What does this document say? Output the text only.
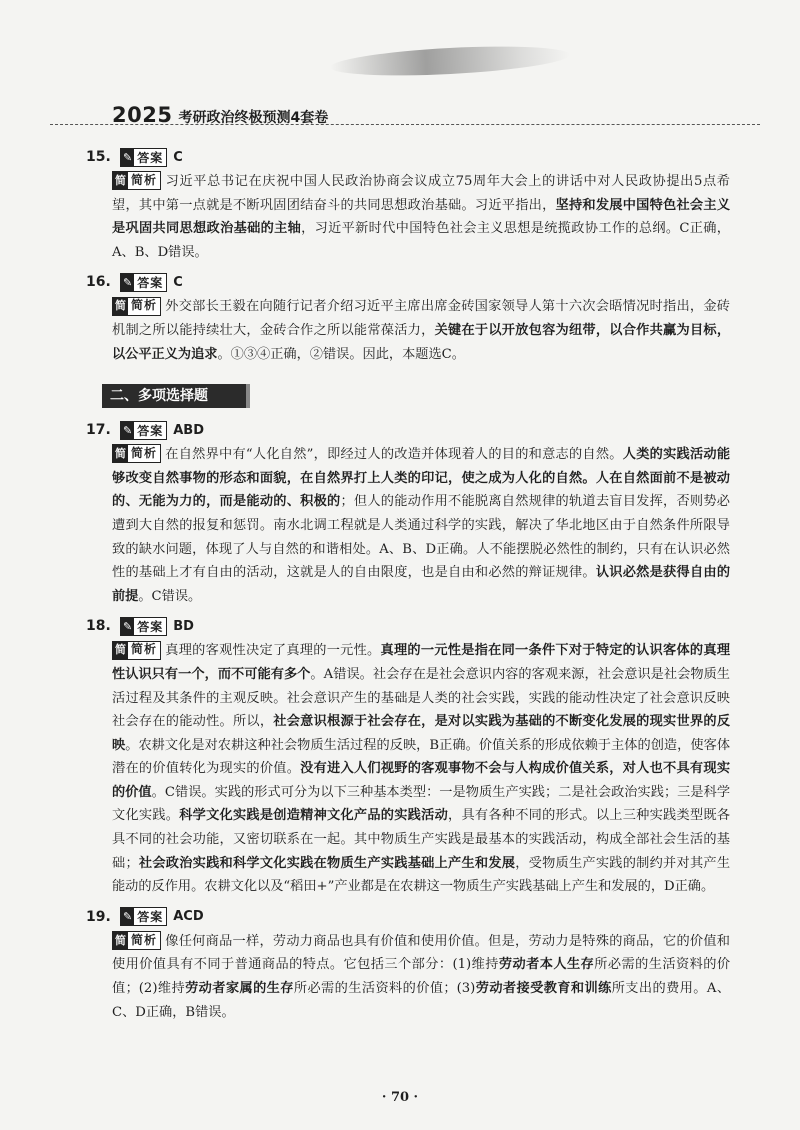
2025 考研政治终极预测4套卷
15. ✎ 答案 C
简 简析 习近平总书记在庆祝中国人民政治协商会议成立75周年大会上的讲话中对人民政协提出5点希望，其中第一点就是不断巩固团结奋斗的共同思想政治基础。习近平指出，坚持和发展中国特色社会主义是巩固共同思想政治基础的主轴，习近平新时代中国特色社会主义思想是统揽政协工作的总纲。C正确，A、B、D错误。
16. ✎ 答案 C
简 简析 外交部长王毅在向随行记者介绍习近平主席出席金砖国家领导人第十六次会晤情况时指出，金砖机制之所以能持续壮大，金砖合作之所以能常葆活力，关键在于以开放包容为纽带，以合作共赢为目标，以公平正义为追求。①③④正确，②错误。因此，本题选C。
二、多项选择题
17. ✎ 答案 ABD
简 简析 在自然界中有“人化自然”，即经过人的改造并体现着人的目的和意志的自然。人类的实践活动能够改变自然事物的形态和面貌，在自然界打上人类的印记，使之成为人化的自然。人在自然面前不是被动的、无能为力的，而是能动的、积极的；但人的能动作用不能脱离自然规律的轨道去盲目发挥，否则势必遭到大自然的报复和惩罚。南水北调工程就是人类通过科学的实践，解决了华北地区由于自然条件所限导致的缺水问题，体现了人与自然的和谐相处。A、B、D正确。人不能摆脱必然性的制约，只有在认识必然性的基础上才有自由的活动，这就是人的自由限度，也是自由和必然的辩证规律。认识必然是获得自由的前提。C错误。
18. ✎ 答案 BD
简 简析 真理的客观性决定了真理的一元性。真理的一元性是指在同一条件下对于特定的认识客体的真理性认识只有一个，而不可能有多个。A错误。社会存在是社会意识内容的客观来源，社会意识是社会物质生活过程及其条件的主观反映。社会意识产生的基础是人类的社会实践，实践的能动性决定了社会意识反映社会存在的能动性。所以，社会意识根源于社会存在，是对以实践为基础的不断变化发展的现实世界的反映。农耕文化是对农耕这种社会物质生活过程的反映，B正确。价值关系的形成依赖于主体的创造，使客体潜在的价值转化为现实的价值。没有进入人们视野的客观事物不会与人构成价值关系，对人也不具有现实的价值。C错误。实践的形式可分为以下三种基本类型：一是物质生产实践；二是社会政治实践；三是科学文化实践。科学文化实践是创造精神文化产品的实践活动，具有各种不同的形式。以上三种实践类型既各具不同的社会功能，又密切联系在一起。其中物质生产实践是最基本的实践活动，构成全部社会生活的基础；社会政治实践和科学文化实践在物质生产实践基础上产生和发展，受物质生产实践的制约并对其产生能动的反作用。农耕文化以及“稻田+”产业都是在农耕这一物质生产实践基础上产生和发展的，D正确。
19. ✎ 答案 ACD
简 简析 像任何商品一样，劳动力商品也具有价值和使用价值。但是，劳动力是特殊的商品，它的价值和使用价值具有不同于普通商品的特点。它包括三个部分：(1)维持劳动者本人生存所必需的生活资料的价值；(2)维持劳动者家属的生存所必需的生活资料的价值；(3)劳动者接受教育和训练所支出的费用。A、C、D正确，B错误。
· 70 ·
